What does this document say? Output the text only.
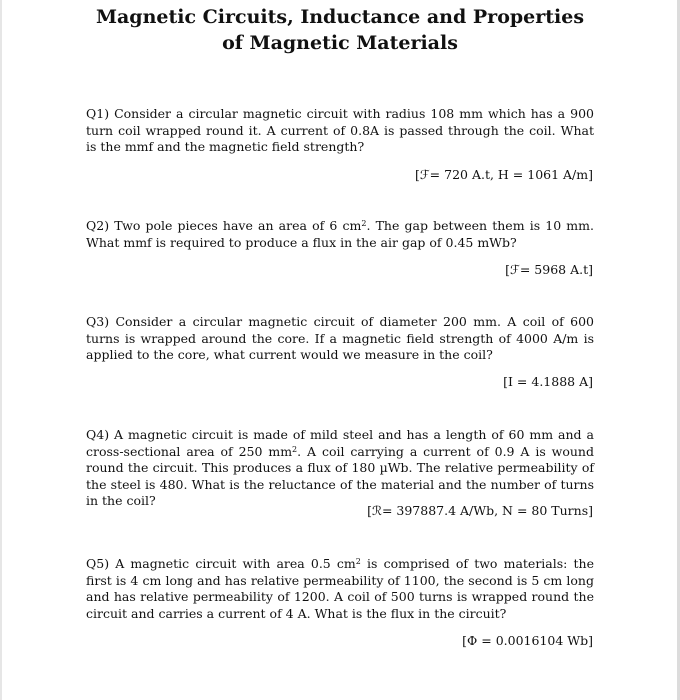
Magnetic Circuits, Inductance and Properties
of Magnetic Materials

Q1) Consider a circular magnetic circuit with radius 108 mm which has a 900 turn coil wrapped round it. A current of 0.8A is passed through the coil. What is the mmf and the magnetic field strength?

[ℱ= 720 A.t, H = 1061 A/m]

Q2) Two pole pieces have an area of 6 $cm^2$. The gap between them is 10 mm. What mmf is required to produce a flux in the air gap of 0.45 mWb?

[ℱ= 5968 A.t]

Q3) Consider a circular magnetic circuit of diameter 200 mm. A coil of 600 turns is wrapped around the core. If a magnetic field strength of 4000 A/m is applied to the core, what current would we measure in the coil?

[I = 4.1888 A]

Q4) A magnetic circuit is made of mild steel and has a length of 60 mm and a cross-sectional area of 250 $mm^2$. A coil carrying a current of 0.9 A is wound round the circuit. This produces a flux of 180 µWb. The relative permeability of the steel is 480. What is the reluctance of the material and the number of turns in the coil?

[ℛ= 397887.4 A/Wb, N = 80 Turns]

Q5) A magnetic circuit with area 0.5 $cm^2$ is comprised of two materials: the first is 4 cm long and has relative permeability of 1100, the second is 5 cm long and has relative permeability of 1200. A coil of 500 turns is wrapped round the circuit and carries a current of 4 A. What is the flux in the circuit?

[Φ = 0.0016104 Wb]
